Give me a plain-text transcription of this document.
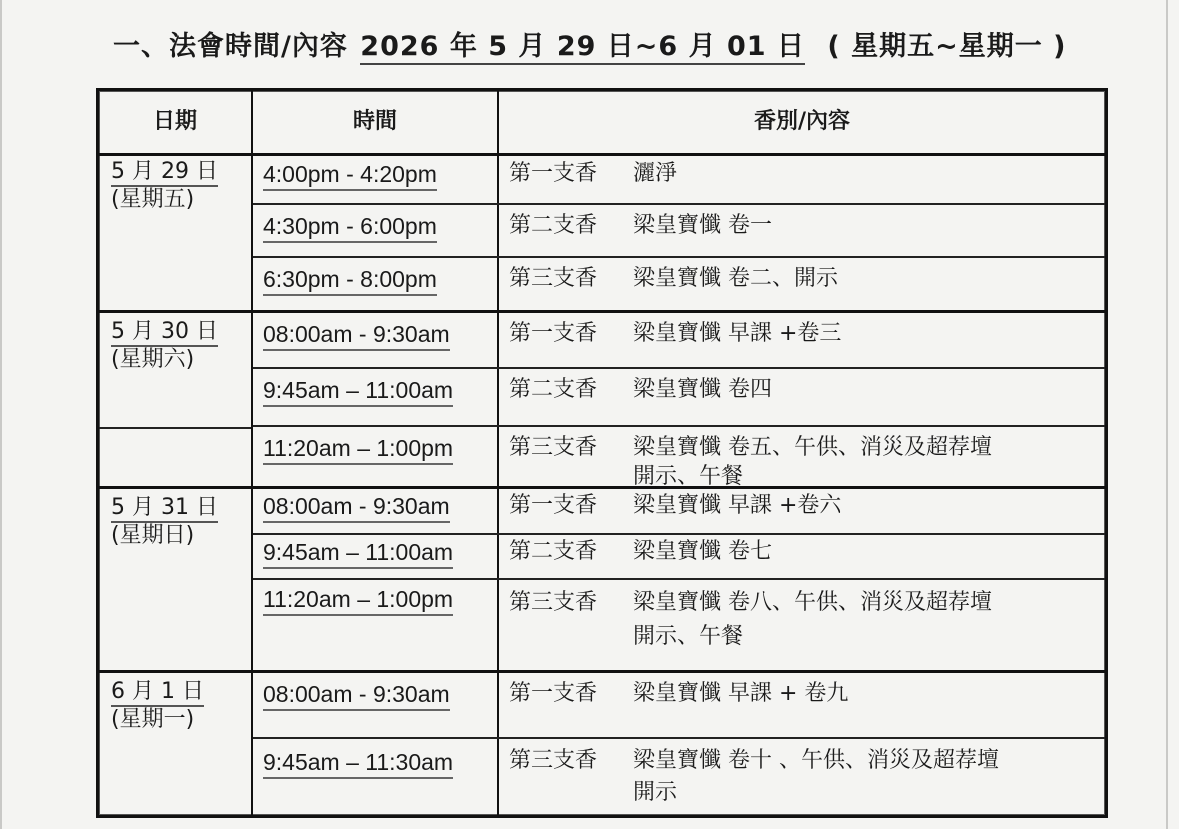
一、法會時間/內容 2026 年 5 月 29 日~6 月 01 日 ( 星期五~星期一 )
日期	時間	香別/內容
5 月 29 日
(星期五)
4:00pm - 4:20pm	第一支香 灑淨
4:30pm - 6:00pm	第二支香 梁皇寶懺 卷一
6:30pm - 8:00pm	第三支香 梁皇寶懺 卷二、開示
5 月 30 日
(星期六)
08:00am - 9:30am	第一支香 梁皇寶懺 早課 +卷三
9:45am – 11:00am	第二支香 梁皇寶懺 卷四
11:20am – 1:00pm	第三支香 梁皇寶懺 卷五、午供、消災及超荐壇
開示、午餐
5 月 31 日
(星期日)
08:00am - 9:30am	第一支香 梁皇寶懺 早課 +卷六
9:45am – 11:00am	第二支香 梁皇寶懺 卷七
11:20am – 1:00pm	第三支香 梁皇寶懺 卷八、午供、消災及超荐壇
開示、午餐
6 月 1 日
(星期一)
08:00am - 9:30am	第一支香 梁皇寶懺 早課 + 卷九
9:45am – 11:30am	第三支香 梁皇寶懺 卷十 、午供、消災及超荐壇
開示
